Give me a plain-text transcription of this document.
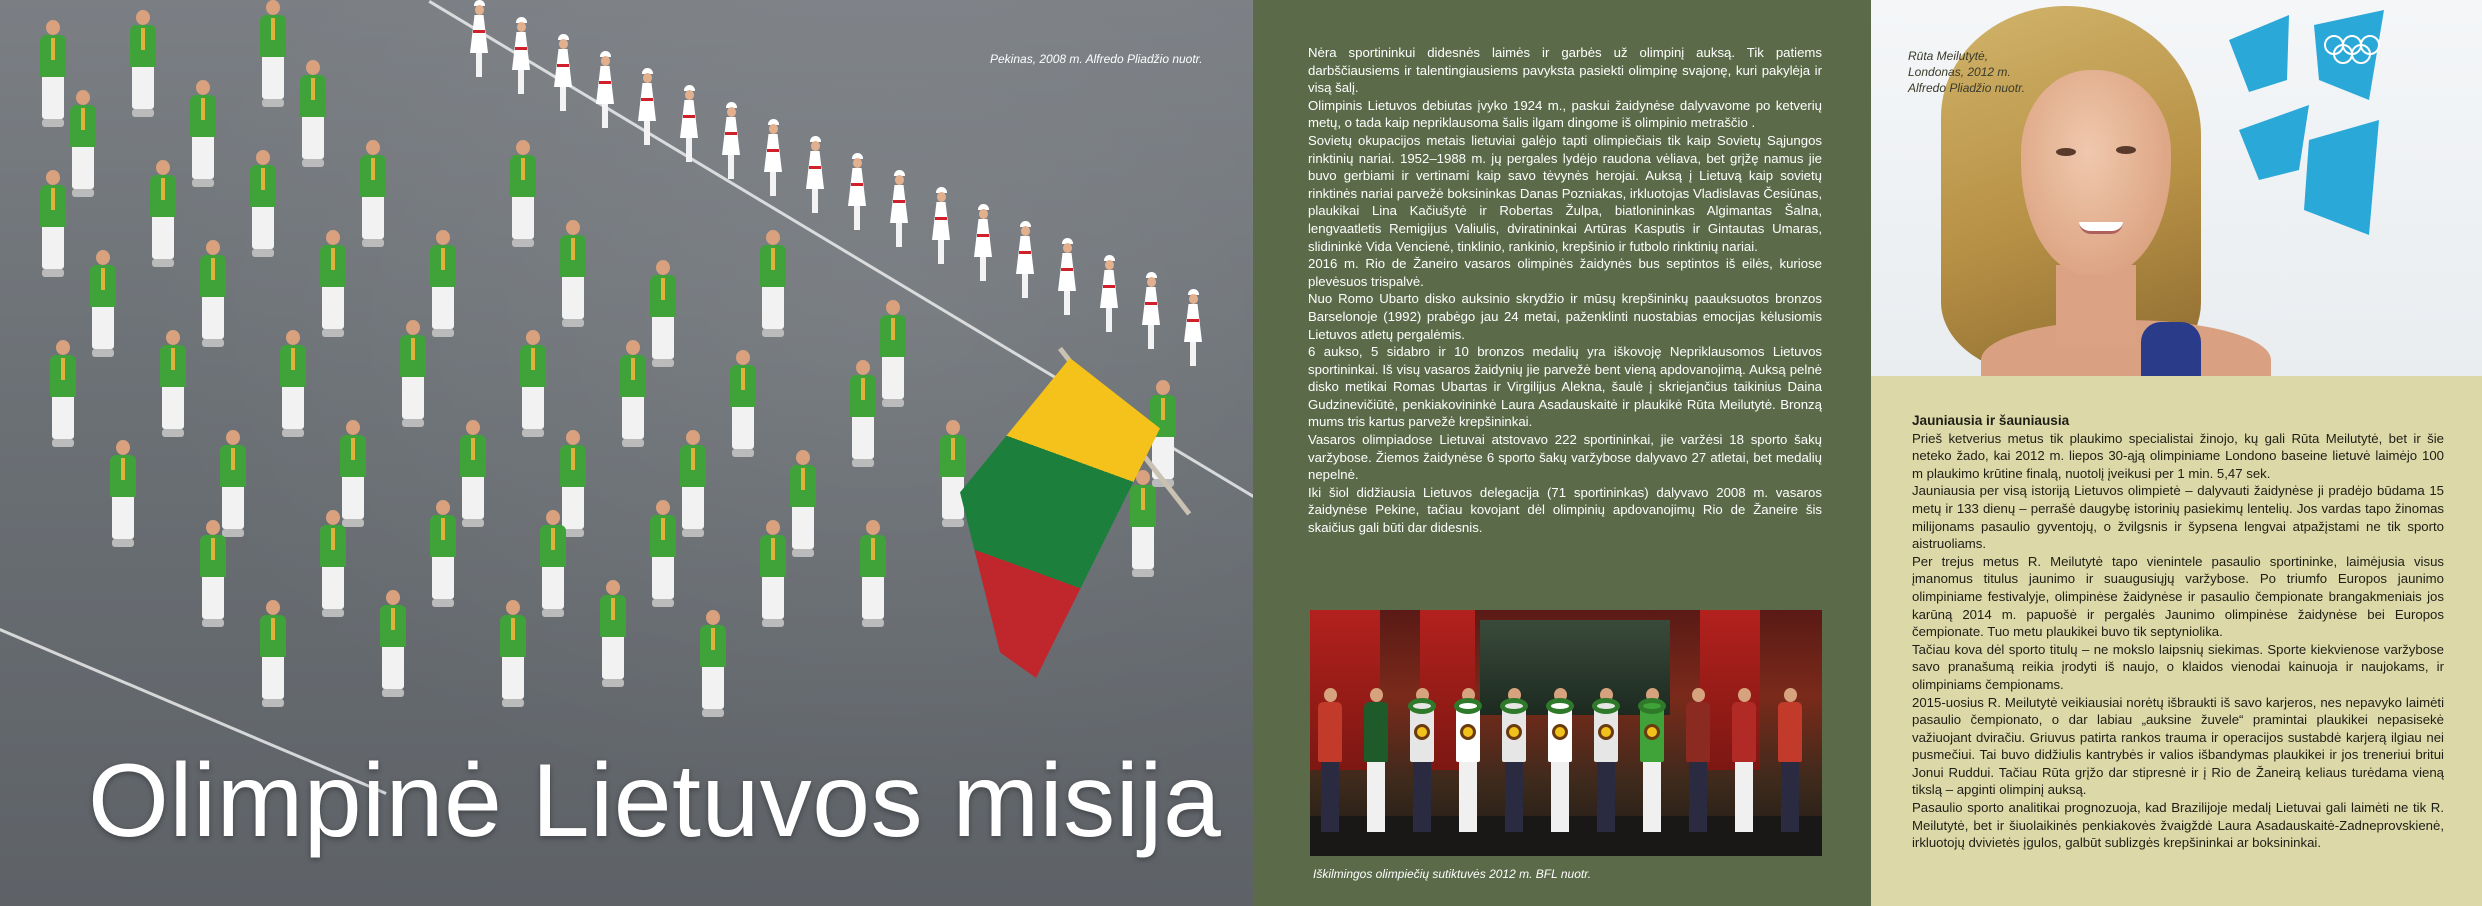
Pekinas, 2008 m. Alfredo Pliadžio nuotr.
Olimpinė Lietuvos misija

Nėra sportininkui didesnės laimės ir garbės už olimpinį auksą. Tik patiems darbščiausiems ir talentingiausiems pavyksta pasiekti olimpinę svajonę, kuri pakylėja ir visą šalį.

Olimpinis Lietuvos debiutas įvyko 1924 m., paskui žaidynėse dalyvavome po ketverių metų, o tada kaip nepriklausoma šalis ilgam dingome iš olimpinio metraščio .

Sovietų okupacijos metais lietuviai galėjo tapti olimpiečiais tik kaip Sovietų Sąjungos rinktinių nariai. 1952–1988 m. jų pergales lydėjo raudona vėliava, bet grįžę namus jie buvo gerbiami ir vertinami kaip savo tėvynės herojai. Auksą į Lietuvą kaip sovietų rinktinės nariai parvežė boksininkas Danas Pozniakas, irkluotojas Vladislavas Česiūnas, plaukikai Lina Kačiušytė ir Robertas Žulpa, biatlonininkas Algimantas Šalna, lengvaatletis Remigijus Valiulis, dviratininkai Artūras Kasputis ir Gintautas Umaras, slidininkė Vida Vencienė, tinklinio, rankinio, krepšinio ir futbolo rinktinių nariai.

2016 m. Rio de Žaneiro vasaros olimpinės žaidynės bus septintos iš eilės, kuriose plevėsuos trispalvė.

Nuo Romo Ubarto disko auksinio skrydžio ir mūsų krepšininkų paauksuotos bronzos Barselonoje (1992) prabėgo jau 24 metai, paženklinti nuostabias emocijas kėlusiomis Lietuvos atletų pergalėmis.

6 aukso, 5 sidabro ir 10 bronzos medalių yra iškovoję Nepriklausomos Lietuvos sportininkai. Iš visų vasaros žaidynių jie parvežė bent vieną apdovanojimą. Auksą pelnė disko metikai Romas Ubartas ir Virgilijus Alekna, šaulė į skriejančius taikinius Daina Gudzinevičiūtė, penkiakovininkė Laura Asadauskaitė ir plaukikė Rūta Meilutytė. Bronzą mums tris kartus parvežė krepšininkai.

Vasaros olimpiadose Lietuvai atstovavo 222 sportininkai, jie varžėsi 18 sporto šakų varžybose. Žiemos žaidynėse 6 sporto šakų varžybose dalyvavo 27 atletai, bet medalių nepelnė.

Iki šiol didžiausia Lietuvos delegacija (71 sportininkas) dalyvavo 2008 m. vasaros žaidynėse Pekine, tačiau kovojant dėl olimpinių apdovanojimų Rio de Žaneire šis skaičius gali būti dar didesnis.

Iškilmingos olimpiečių sutiktuvės 2012 m. BFL nuotr.
Rūta Meilutytė,
Londonas, 2012 m.
Alfredo Pliadžio nuotr.
Jauniausia ir šauniausia

Prieš ketverius metus tik plaukimo specialistai žinojo, kų gali Rūta Meilutytė, bet ir šie neteko žado, kai 2012 m. liepos 30-ąją olimpiniame Londono baseine lietuvė laimėjo 100 m plaukimo krūtine finalą, nuotolį įveikusi per 1 min. 5,47 sek.

Jauniausia per visą istoriją Lietuvos olimpietė – dalyvauti žaidynėse ji pradėjo būdama 15 metų ir 133 dienų – perrašė daugybę istorinių pasiekimų lentelių. Jos vardas tapo žinomas milijonams pasaulio gyventojų, o žvilgsnis ir šypsena lengvai atpažįstami ne tik sporto aistruoliams.

Per trejus metus R. Meilutytė tapo vienintele pasaulio sportininke, laimėjusia visus įmanomus titulus jaunimo ir suaugusiųjų varžybose. Po triumfo Europos jaunimo olimpiniame festivalyje, olimpinėse žaidynėse ir pasaulio čempionate brangakmeniais jos karūną 2014 m. papuošė ir pergalės Jaunimo olimpinėse žaidynėse bei Europos čempionate. Tuo metu plaukikei buvo tik septyniolika.

Tačiau kova dėl sporto titulų – ne mokslo laipsnių siekimas. Sporte kiekvienose varžybose savo pranašumą reikia įrodyti iš naujo, o klaidos vienodai kainuoja ir naujokams, ir olimpiniams čempionams.

2015-uosius R. Meilutytė veikiausiai norėtų išbraukti iš savo karjeros, nes nepavyko laimėti pasaulio čempionato, o dar labiau „auksine žuvele“ pramintai plaukikei nepasisekė važiuojant dviračiu. Griuvus patirta rankos trauma ir operacijos sustabdė karjerą ilgiau nei pusmečiui. Tai buvo didžiulis kantrybės ir valios išbandymas plaukikei ir jos treneriui britui Jonui Ruddui. Tačiau Rūta grįžo dar stipresnė ir į Rio de Žaneirą keliaus turėdama vieną tikslą – apginti olimpinį auksą.

Pasaulio sporto analitikai prognozuoja, kad Brazilijoje medalį Lietuvai gali laimėti ne tik R. Meilutytė, bet ir šiuolaikinės penkiakovės žvaigždė Laura Asadauskaitė-Zadneprovskienė, irkluotojų dvivietės įgulos, galbūt sublizgės krepšininkai ar boksininkai.
